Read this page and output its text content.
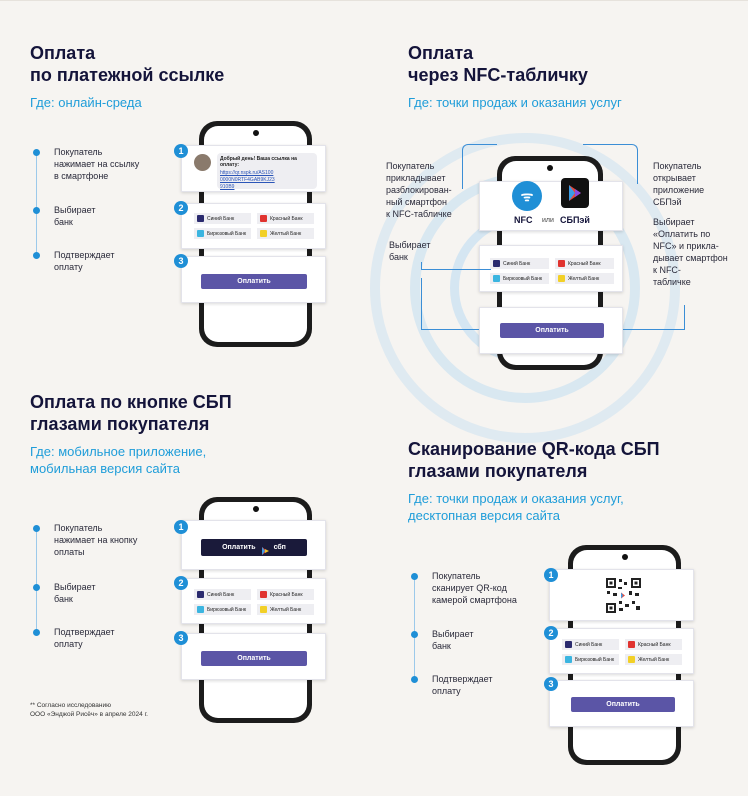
Оплата
по платежной ссылке
Где: онлайн-среда
Покупатель
нажимает на ссылку
в смартфоне
Выбирает
банк
Подтверждает
оплату
Добрый день! Ваша ссылка на оплату:
https://qr.nspk.ru/AS1000000N0RTF4GAB9KJ23910B9
1
Синий Банк	Красный Банк
Бирюзовый Банк	Желтый Банк
2
Оплатить
3
Оплата
через NFC-табличку
Где: точки продаж и оказания услуг
ᯤ
NFC или СБПэй
Синий Банк	Красный Банк
Бирюзовый Банк	Желтый Банк
Оплатить
Покупатель
прикладывает
разблокирован-
ный смартфон
к NFC-табличке
Выбирает
банк
Покупатель
открывает
приложение
СБПэй
Выбирает
«Оплатить по
NFC» и прикла-
дывает смартфон
к NFC-
табличке
Оплата по кнопке СБП
глазами покупателя
Где: мобильное приложение,
мобильная версия сайта
Покупатель
нажимает на кнопку
оплаты
Выбирает
банк
Подтверждает
оплату
Оплатить	сбп
1
Синий Банк	Красный Банк
Бирюзовый Банк	Желтый Банк
2
Оплатить
3
** Согласно исследованию
ООО «Энджой Рисёч» в апреле 2024 г.
Сканирование QR-кода СБП
глазами покупателя
Где: точки продаж и оказания услуг,
десктопная версия сайта
Покупатель
сканирует QR-код
камерой смартфона
Выбирает
банк
Подтверждает
оплату
1
Синий Банк	Красный Банк
Бирюзовый Банк	Желтый Банк
2
Оплатить
3
